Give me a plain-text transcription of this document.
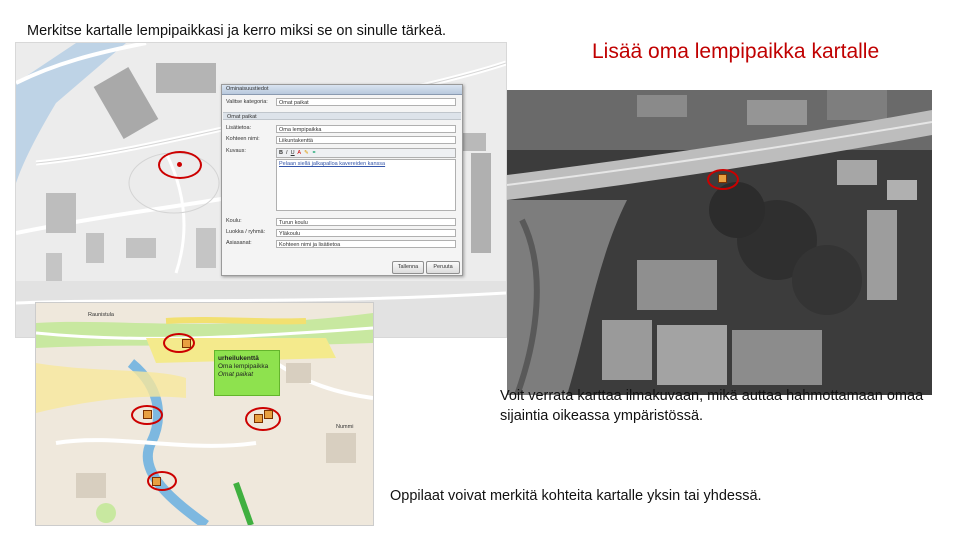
Merkitse kartalle lempipaikkasi ja kerro miksi se on sinulle tärkeä.
Lisää oma lempipaikka kartalle
Ominaisuustiedot
Valitse kategoria:	Omat paikat
Omat paikat
Lisätietoa:	Oma lempipaikka
Kohteen nimi:	Liikuntakenttä
Kuvaus:	B I U A ✎ ⚭
Pelaan siellä jalkapalloa kavereiden kanssa
Koulu:	Turun koulu
Luokka / ryhmä:	Yläkoulu
Asiasanat:	Kohteen nimi ja lisätietoa
Tallenna	Peruuta
Voit verrata karttaa ilmakuvaan, mikä auttaa hahmottamaan omaa sijaintia oikeassa ympäristössä.
Raunistula
Nummi
urheilukenttä
Oma lempipaikka
Omat paikat
Oppilaat voivat merkitä kohteita kartalle yksin tai yhdessä.
